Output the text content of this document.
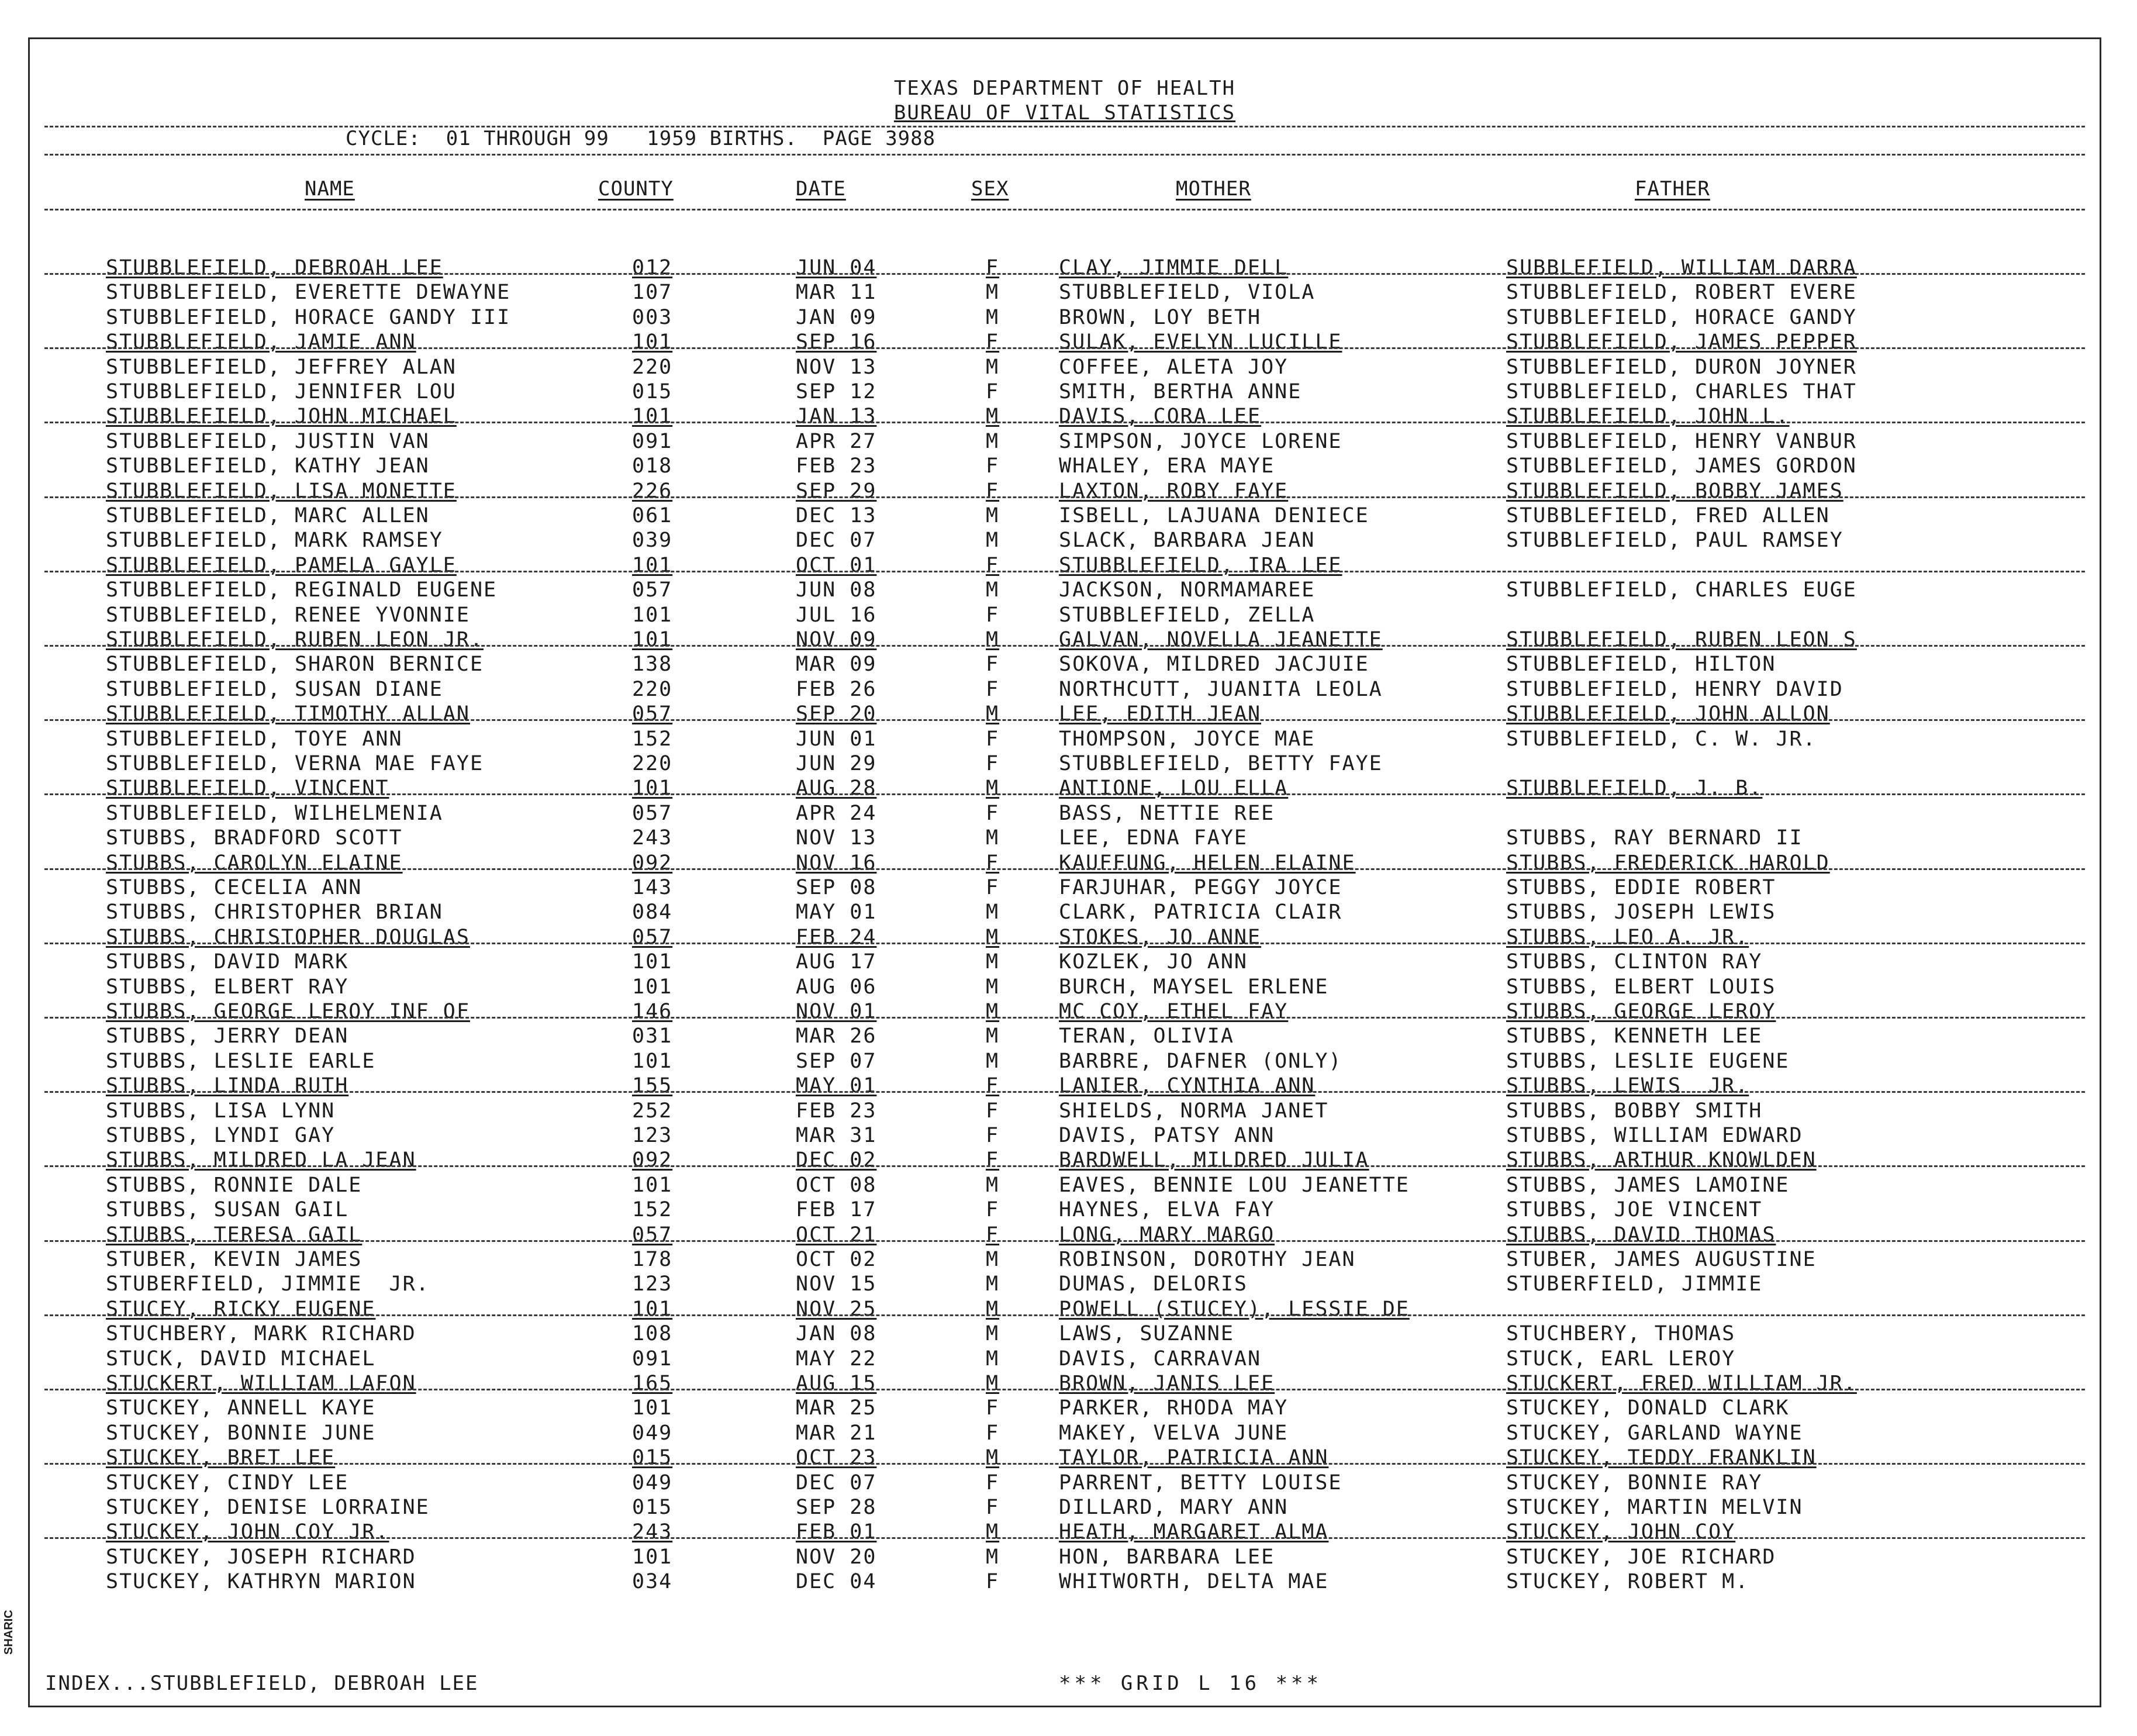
TEXAS DEPARTMENT OF HEALTH
BUREAU OF VITAL STATISTICS
CYCLE:  01 THROUGH 99   1959 BIRTHS.  PAGE 3988
NAME	COUNTY	DATE	SEX	MOTHER	FATHER
STUBBLEFIELD, DEBROAH LEE	012	JUN 04	F	CLAY, JIMMIE DELL	SUBBLEFIELD, WILLIAM DARRA
STUBBLEFIELD, EVERETTE DEWAYNE	107	MAR 11	M	STUBBLEFIELD, VIOLA	STUBBLEFIELD, ROBERT EVERE
STUBBLEFIELD, HORACE GANDY III	003	JAN 09	M	BROWN, LOY BETH	STUBBLEFIELD, HORACE GANDY
STUBBLEFIELD, JAMIE ANN	101	SEP 16	F	SULAK, EVELYN LUCILLE	STUBBLEFIELD, JAMES PEPPER
STUBBLEFIELD, JEFFREY ALAN	220	NOV 13	M	COFFEE, ALETA JOY	STUBBLEFIELD, DURON JOYNER
STUBBLEFIELD, JENNIFER LOU	015	SEP 12	F	SMITH, BERTHA ANNE	STUBBLEFIELD, CHARLES THAT
STUBBLEFIELD, JOHN MICHAEL	101	JAN 13	M	DAVIS, CORA LEE	STUBBLEFIELD, JOHN L.
STUBBLEFIELD, JUSTIN VAN	091	APR 27	M	SIMPSON, JOYCE LORENE	STUBBLEFIELD, HENRY VANBUR
STUBBLEFIELD, KATHY JEAN	018	FEB 23	F	WHALEY, ERA MAYE	STUBBLEFIELD, JAMES GORDON
STUBBLEFIELD, LISA MONETTE	226	SEP 29	F	LAXTON, ROBY FAYE	STUBBLEFIELD, BOBBY JAMES
STUBBLEFIELD, MARC ALLEN	061	DEC 13	M	ISBELL, LAJUANA DENIECE	STUBBLEFIELD, FRED ALLEN
STUBBLEFIELD, MARK RAMSEY	039	DEC 07	M	SLACK, BARBARA JEAN	STUBBLEFIELD, PAUL RAMSEY
STUBBLEFIELD, PAMELA GAYLE	101	OCT 01	F	STUBBLEFIELD, IRA LEE
STUBBLEFIELD, REGINALD EUGENE	057	JUN 08	M	JACKSON, NORMAMAREE	STUBBLEFIELD, CHARLES EUGE
STUBBLEFIELD, RENEE YVONNIE	101	JUL 16	F	STUBBLEFIELD, ZELLA
STUBBLEFIELD, RUBEN LEON JR.	101	NOV 09	M	GALVAN, NOVELLA JEANETTE	STUBBLEFIELD, RUBEN LEON S
STUBBLEFIELD, SHARON BERNICE	138	MAR 09	F	SOKOVA, MILDRED JACJUIE	STUBBLEFIELD, HILTON
STUBBLEFIELD, SUSAN DIANE	220	FEB 26	F	NORTHCUTT, JUANITA LEOLA	STUBBLEFIELD, HENRY DAVID
STUBBLEFIELD, TIMOTHY ALLAN	057	SEP 20	M	LEE, EDITH JEAN	STUBBLEFIELD, JOHN ALLON
STUBBLEFIELD, TOYE ANN	152	JUN 01	F	THOMPSON, JOYCE MAE	STUBBLEFIELD, C. W. JR.
STUBBLEFIELD, VERNA MAE FAYE	220	JUN 29	F	STUBBLEFIELD, BETTY FAYE
STUBBLEFIELD, VINCENT	101	AUG 28	M	ANTIONE, LOU ELLA	STUBBLEFIELD, J. B.
STUBBLEFIELD, WILHELMENIA	057	APR 24	F	BASS, NETTIE REE
STUBBS, BRADFORD SCOTT	243	NOV 13	M	LEE, EDNA FAYE	STUBBS, RAY BERNARD II
STUBBS, CAROLYN ELAINE	092	NOV 16	F	KAUFFUNG, HELEN ELAINE	STUBBS, FREDERICK HAROLD
STUBBS, CECELIA ANN	143	SEP 08	F	FARJUHAR, PEGGY JOYCE	STUBBS, EDDIE ROBERT
STUBBS, CHRISTOPHER BRIAN	084	MAY 01	M	CLARK, PATRICIA CLAIR	STUBBS, JOSEPH LEWIS
STUBBS, CHRISTOPHER DOUGLAS	057	FEB 24	M	STOKES, JO ANNE	STUBBS, LEO A. JR.
STUBBS, DAVID MARK	101	AUG 17	M	KOZLEK, JO ANN	STUBBS, CLINTON RAY
STUBBS, ELBERT RAY	101	AUG 06	M	BURCH, MAYSEL ERLENE	STUBBS, ELBERT LOUIS
STUBBS, GEORGE LEROY INF OF	146	NOV 01	M	MC COY, ETHEL FAY	STUBBS, GEORGE LEROY
STUBBS, JERRY DEAN	031	MAR 26	M	TERAN, OLIVIA	STUBBS, KENNETH LEE
STUBBS, LESLIE EARLE	101	SEP 07	M	BARBRE, DAFNER (ONLY)	STUBBS, LESLIE EUGENE
STUBBS, LINDA RUTH	155	MAY 01	F	LANIER, CYNTHIA ANN	STUBBS, LEWIS  JR.
STUBBS, LISA LYNN	252	FEB 23	F	SHIELDS, NORMA JANET	STUBBS, BOBBY SMITH
STUBBS, LYNDI GAY	123	MAR 31	F	DAVIS, PATSY ANN	STUBBS, WILLIAM EDWARD
STUBBS, MILDRED LA JEAN	092	DEC 02	F	BARDWELL, MILDRED JULIA	STUBBS, ARTHUR KNOWLDEN
STUBBS, RONNIE DALE	101	OCT 08	M	EAVES, BENNIE LOU JEANETTE	STUBBS, JAMES LAMOINE
STUBBS, SUSAN GAIL	152	FEB 17	F	HAYNES, ELVA FAY	STUBBS, JOE VINCENT
STUBBS, TERESA GAIL	057	OCT 21	F	LONG, MARY MARGO	STUBBS, DAVID THOMAS
STUBER, KEVIN JAMES	178	OCT 02	M	ROBINSON, DOROTHY JEAN	STUBER, JAMES AUGUSTINE
STUBERFIELD, JIMMIE  JR.	123	NOV 15	M	DUMAS, DELORIS	STUBERFIELD, JIMMIE
STUCEY, RICKY EUGENE	101	NOV 25	M	POWELL (STUCEY), LESSIE DE
STUCHBERY, MARK RICHARD	108	JAN 08	M	LAWS, SUZANNE	STUCHBERY, THOMAS
STUCK, DAVID MICHAEL	091	MAY 22	M	DAVIS, CARRAVAN	STUCK, EARL LEROY
STUCKERT, WILLIAM LAFON	165	AUG 15	M	BROWN, JANIS LEE	STUCKERT, FRED WILLIAM JR.
STUCKEY, ANNELL KAYE	101	MAR 25	F	PARKER, RHODA MAY	STUCKEY, DONALD CLARK
STUCKEY, BONNIE JUNE	049	MAR 21	F	MAKEY, VELVA JUNE	STUCKEY, GARLAND WAYNE
STUCKEY, BRET LEE	015	OCT 23	M	TAYLOR, PATRICIA ANN	STUCKEY, TEDDY FRANKLIN
STUCKEY, CINDY LEE	049	DEC 07	F	PARRENT, BETTY LOUISE	STUCKEY, BONNIE RAY
STUCKEY, DENISE LORRAINE	015	SEP 28	F	DILLARD, MARY ANN	STUCKEY, MARTIN MELVIN
STUCKEY, JOHN COY JR.	243	FEB 01	M	HEATH, MARGARET ALMA	STUCKEY, JOHN COY
STUCKEY, JOSEPH RICHARD	101	NOV 20	M	HON, BARBARA LEE	STUCKEY, JOE RICHARD
STUCKEY, KATHRYN MARION	034	DEC 04	F	WHITWORTH, DELTA MAE	STUCKEY, ROBERT M.
INDEX...STUBBLEFIELD, DEBROAH LEE	*** GRID L 16 ***
SHARIC
